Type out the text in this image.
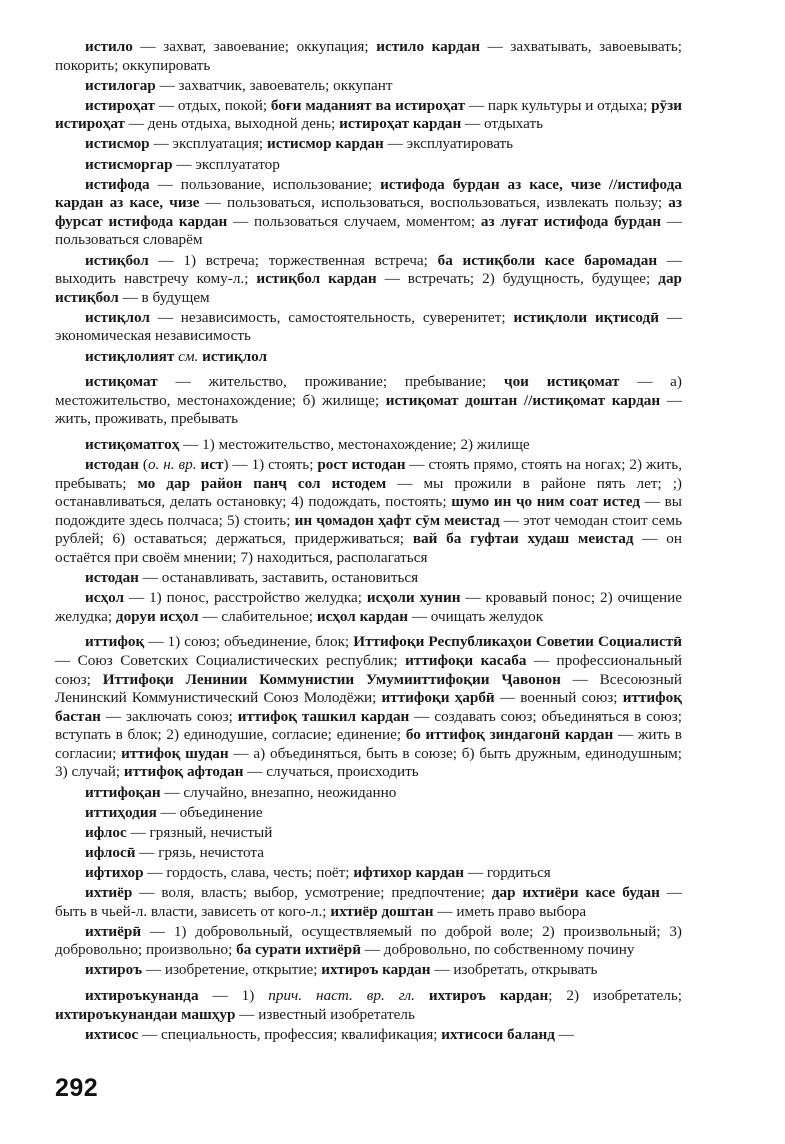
истило — захват, завоевание; оккупация; истило кардан — захватывать, завоевывать; покорить; оккупировать

истилогар — захватчик, завоеватель; оккупант

истироҳат — отдых, покой; боғи маданият ва истироҳат — парк культуры и отдыха; рӯзи истироҳат — день отдыха, выходной день; истироҳат кардан — отдыхать

истисмор — эксплуатация; истисмор кардан — эксплуатировать

истисморгар — эксплуататор

истифода — пользование, использование; истифода бурдан аз касе, чизе //истифода кардан аз касе, чизе — пользоваться, использоваться, воспользоваться, извлекать пользу; аз фурсат истифода кардан — пользоваться случаем, моментом; аз луғат истифода бурдан — пользоваться словарём

истиқбол — 1) встреча; торжественная встреча; ба истиқболи касе баромадан — выходить навстречу кому-л.; истиқбол кардан — встречать; 2) будущность, будущее; дар истиқбол — в будущем

истиқлол — независимость, самостоятельность, суверенитет; истиқлоли иқтисодӣ — экономическая независимость

истиқлолият см. истиқлол

истиқомат — жительство, проживание; пребывание; ҷои истиқомат — а) местожительство, местонахождение; б) жилище; истиқомат доштан //истиқомат кардан — жить, проживать, пребывать

истиқоматгоҳ — 1) местожительство, местонахождение; 2) жилище

истодан (о. н. вр. ист) — 1) стоять; рост истодан — стоять прямо, стоять на ногах; 2) жить, пребывать; мо дар район панҷ сол истодем — мы прожили в районе пять лет; ;) останавливаться, делать остановку; 4) подождать, постоять; шумо ин ҷо ним соат истед — вы подождите здесь полчаса; 5) стоить; ин ҷомадон ҳафт сӯм меистад — этот чемодан стоит семь рублей; 6) оставаться; держаться, придерживаться; вай ба гуфтаи худаш меистад — он остаётся при своём мнении; 7) находиться, располагаться

истодан — останавливать, заставить, остановиться

исҳол — 1) понос, расстройство желудка; исҳоли хунин — кровавый понос; 2) очищение желудка; доруи исҳол — слабительное; исҳол кардан — очищать желудок

иттифоқ — 1) союз; объединение, блок; Иттифоқи Республикаҳои Советии Социалистӣ — Союз Советских Социалистических республик; иттифоқи касаба — профессиональный союз; Иттифоқи Ленинии Коммунистии Умумииттифоқии Ҷавонон — Всесоюзный Ленинский Коммунистический Союз Молодёжи; иттифоқи ҳарбӣ — военный союз; иттифоқ бастан — заключать союз; иттифоқ ташкил кардан — создавать союз; объединяться в союз; вступать в блок; 2) единодушие, согласие; единение; бо иттифоқ зиндагонӣ кардан — жить в согласии; иттифоқ шудан — а) объединяться, быть в союзе; б) быть дружным, единодушным; 3) случай; иттифоқ афтодан — случаться, происходить

иттифоқан — случайно, внезапно, неожиданно

иттиҳодия — объединение

ифлос — грязный, нечистый

ифлосӣ — грязь, нечистота

ифтихор — гордость, слава, честь; поёт; ифтихор кардан — гордиться

ихтиёр — воля, власть; выбор, усмотрение; предпочтение; дар ихтиёри касе будан — быть в чьей-л. власти, зависеть от кого-л.; ихтиёр доштан — иметь право выбора

ихтиёрӣ — 1) добровольный, осуществляемый по доброй воле; 2) произвольный; 3) добровольно; произвольно; ба сурати ихтиёрӣ — добровольно, по собственному почину

ихтироъ — изобретение, открытие; ихтироъ кардан — изобретать, открывать

ихтироъкунанда — 1) прич. наст. вр. гл. ихтироъ кардан; 2) изобретатель; ихтироъкунандаи машҳур — известный изобретатель

ихтисос — специальность, профессия; квалификация; ихтисоси баланд —

292
